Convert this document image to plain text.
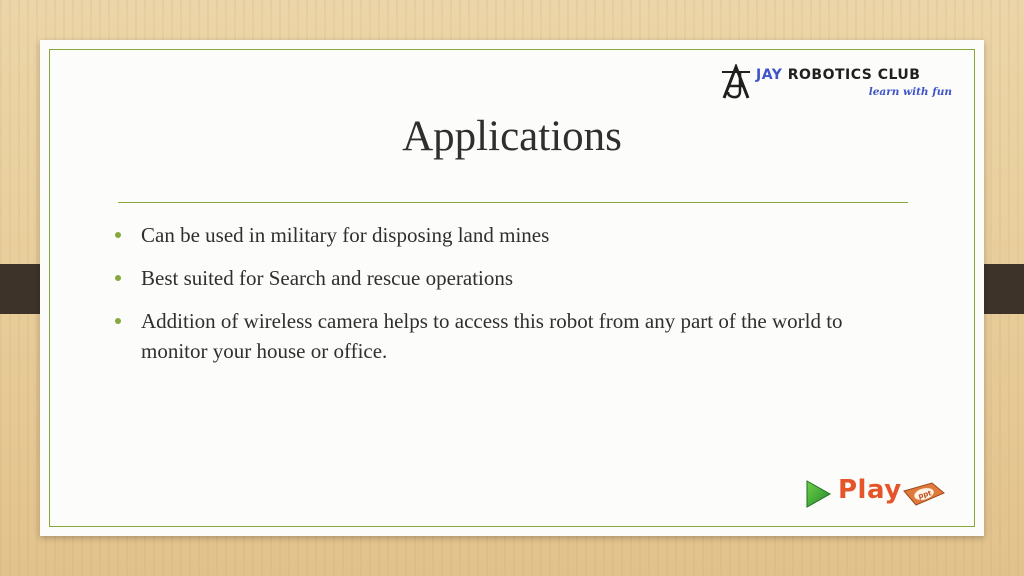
JAY ROBOTICS CLUB
learn with fun
Applications
Can be used in military for disposing land mines
Best suited for Search and rescue operations
Addition of wireless camera helps to access this robot from any part of the world to monitor your house or office.
Play ppt
